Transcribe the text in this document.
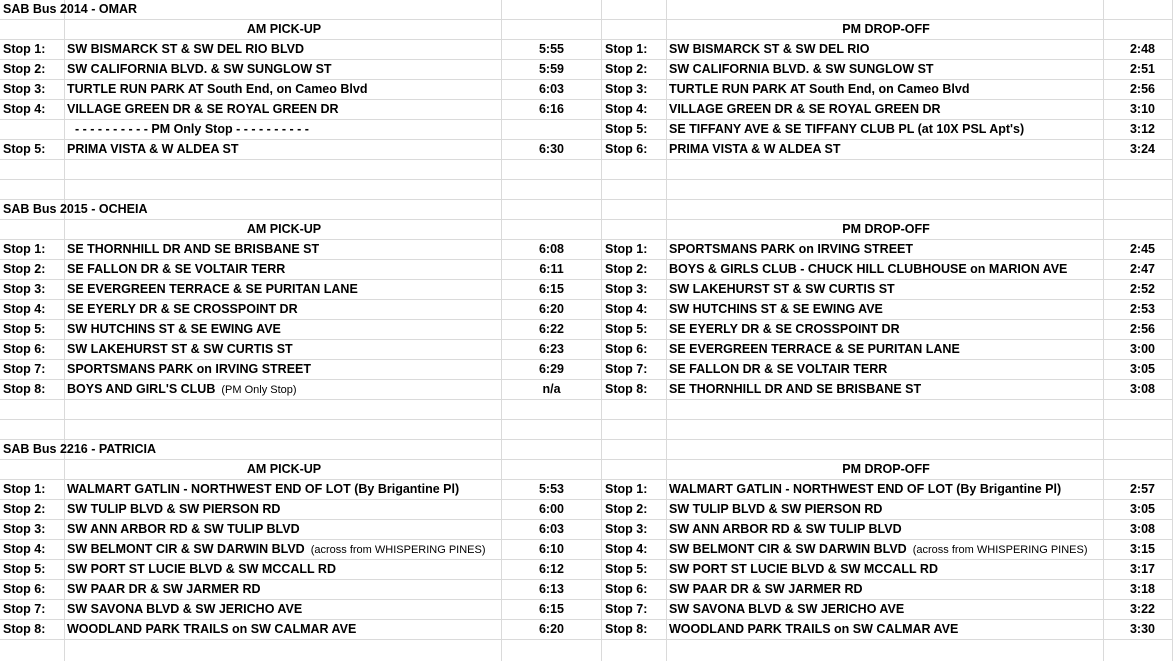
SAB Bus 2014 - OMAR
AM PICK-UP	PM DROP-OFF
Stop 1: SW BISMARCK ST & SW DEL RIO BLVD	5:55	Stop 1: SW BISMARCK ST & SW DEL RIO	2:48
Stop 2: SW CALIFORNIA BLVD. & SW SUNGLOW ST	5:59	Stop 2: SW CALIFORNIA BLVD. & SW SUNGLOW ST	2:51
Stop 3: TURTLE RUN PARK AT South End, on Cameo Blvd	6:03	Stop 3: TURTLE RUN PARK AT South End, on Cameo Blvd	2:56
Stop 4: VILLAGE GREEN DR & SE ROYAL GREEN DR	6:16	Stop 4: VILLAGE GREEN DR & SE ROYAL GREEN DR	3:10
- - - - - - - - - - PM Only Stop - - - - - - - - - -	Stop 5: SE TIFFANY AVE & SE TIFFANY CLUB PL (at 10X PSL Apt's)	3:12
Stop 5: PRIMA VISTA & W ALDEA ST	6:30	Stop 6: PRIMA VISTA & W ALDEA ST	3:24
SAB Bus 2015 - OCHEIA
AM PICK-UP	PM DROP-OFF
Stop 1: SE THORNHILL DR AND SE BRISBANE ST	6:08	Stop 1: SPORTSMANS PARK on IRVING STREET	2:45
Stop 2: SE FALLON DR & SE VOLTAIR TERR	6:11	Stop 2: BOYS & GIRLS CLUB - CHUCK HILL CLUBHOUSE on MARION AVE	2:47
Stop 3: SE EVERGREEN TERRACE & SE PURITAN LANE	6:15	Stop 3: SW LAKEHURST ST & SW CURTIS ST	2:52
Stop 4: SE EYERLY DR & SE CROSSPOINT DR	6:20	Stop 4: SW HUTCHINS ST & SE EWING AVE	2:53
Stop 5: SW HUTCHINS ST & SE EWING AVE	6:22	Stop 5: SE EYERLY DR & SE CROSSPOINT DR	2:56
Stop 6: SW LAKEHURST ST & SW CURTIS ST	6:23	Stop 6: SE EVERGREEN TERRACE & SE PURITAN LANE	3:00
Stop 7: SPORTSMANS PARK on IRVING STREET	6:29	Stop 7: SE FALLON DR & SE VOLTAIR TERR	3:05
Stop 8: BOYS AND GIRL'S CLUB (PM Only Stop)	n/a	Stop 8: SE THORNHILL DR AND SE BRISBANE ST	3:08
SAB Bus 2216 - PATRICIA
AM PICK-UP	PM DROP-OFF
Stop 1: WALMART GATLIN - NORTHWEST END OF LOT (By Brigantine Pl)	5:53	Stop 1: WALMART GATLIN - NORTHWEST END OF LOT (By Brigantine Pl)	2:57
Stop 2: SW TULIP BLVD & SW PIERSON RD	6:00	Stop 2: SW TULIP BLVD & SW PIERSON RD	3:05
Stop 3: SW ANN ARBOR RD & SW TULIP BLVD	6:03	Stop 3: SW ANN ARBOR RD & SW TULIP BLVD	3:08
Stop 4: SW BELMONT CIR & SW DARWIN BLVD (across from WHISPERING PINES)	6:10	Stop 4: SW BELMONT CIR & SW DARWIN BLVD (across from WHISPERING PINES)	3:15
Stop 5: SW PORT ST LUCIE BLVD & SW MCCALL RD	6:12	Stop 5: SW PORT ST LUCIE BLVD & SW MCCALL RD	3:17
Stop 6: SW PAAR DR & SW JARMER RD	6:13	Stop 6: SW PAAR DR & SW JARMER RD	3:18
Stop 7: SW SAVONA BLVD & SW JERICHO AVE	6:15	Stop 7: SW SAVONA BLVD & SW JERICHO AVE	3:22
Stop 8: WOODLAND PARK TRAILS on SW CALMAR AVE	6:20	Stop 8: WOODLAND PARK TRAILS on SW CALMAR AVE	3:30
